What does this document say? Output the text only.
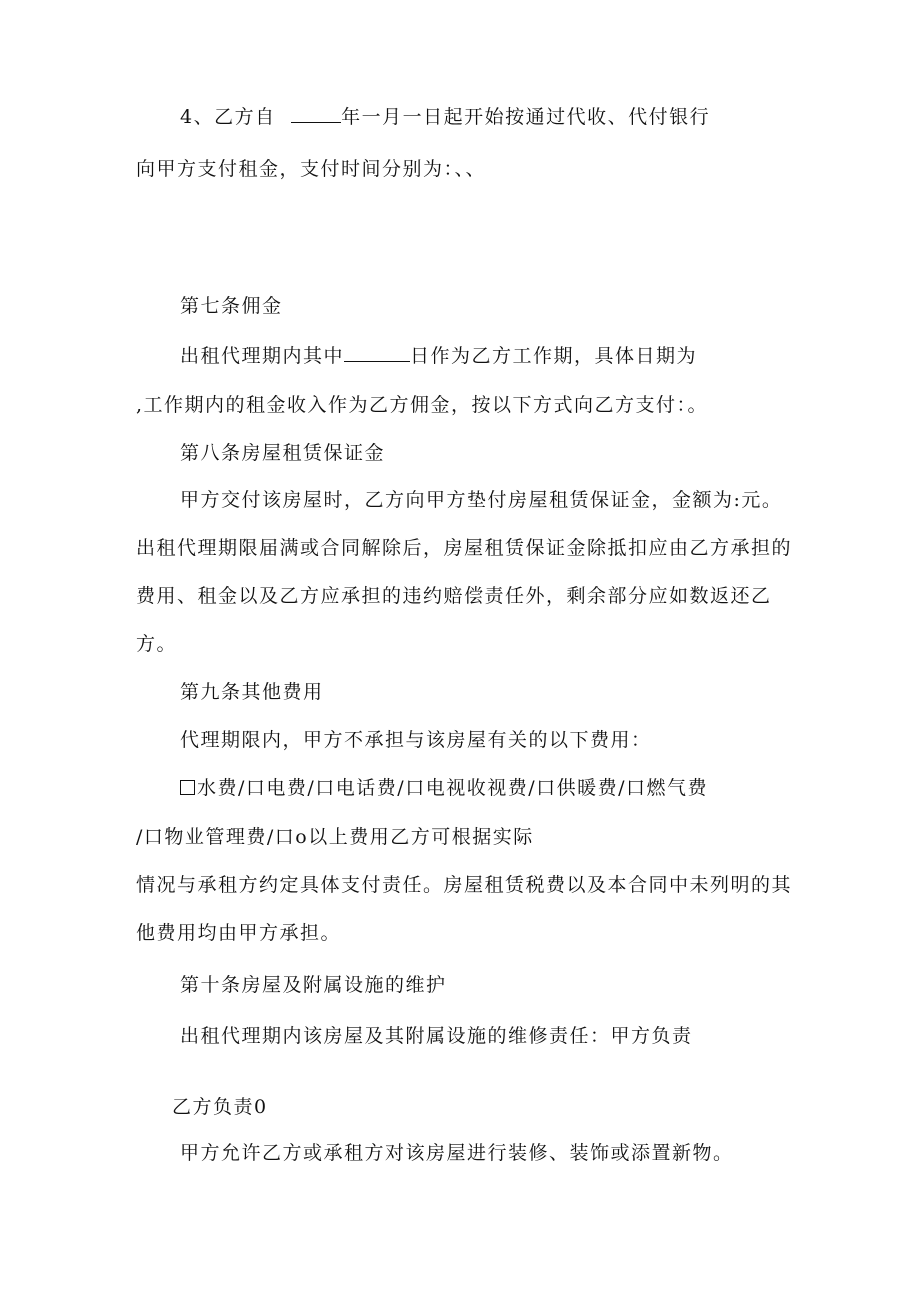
4、乙方自	年一月一日起开始按通过代收、代付银行
向甲方支付租金，支付时间分别为：、、
第七条佣金
出租代理期内其中	日作为乙方工作期，具体日期为
,工作期内的租金收入作为乙方佣金，按以下方式向乙方支付：。
第八条房屋租赁保证金
甲方交付该房屋时，乙方向甲方垫付房屋租赁保证金，金额为:元。
出租代理期限届满或合同解除后，房屋租赁保证金除抵扣应由乙方承担的
费用、租金以及乙方应承担的违约赔偿责任外，剩余部分应如数返还乙
方。
第九条其他费用
代理期限内，甲方不承担与该房屋有关的以下费用：
水费/口电费/口电话费/口电视收视费/口供暖费/口燃气费
/口物业管理费/口o以上费用乙方可根据实际
情况与承租方约定具体支付责任。房屋租赁税费以及本合同中未列明的其
他费用均由甲方承担。
第十条房屋及附属设施的维护
出租代理期内该房屋及其附属设施的维修责任：甲方负责
乙方负责0
甲方允许乙方或承租方对该房屋进行装修、装饰或添置新物。
